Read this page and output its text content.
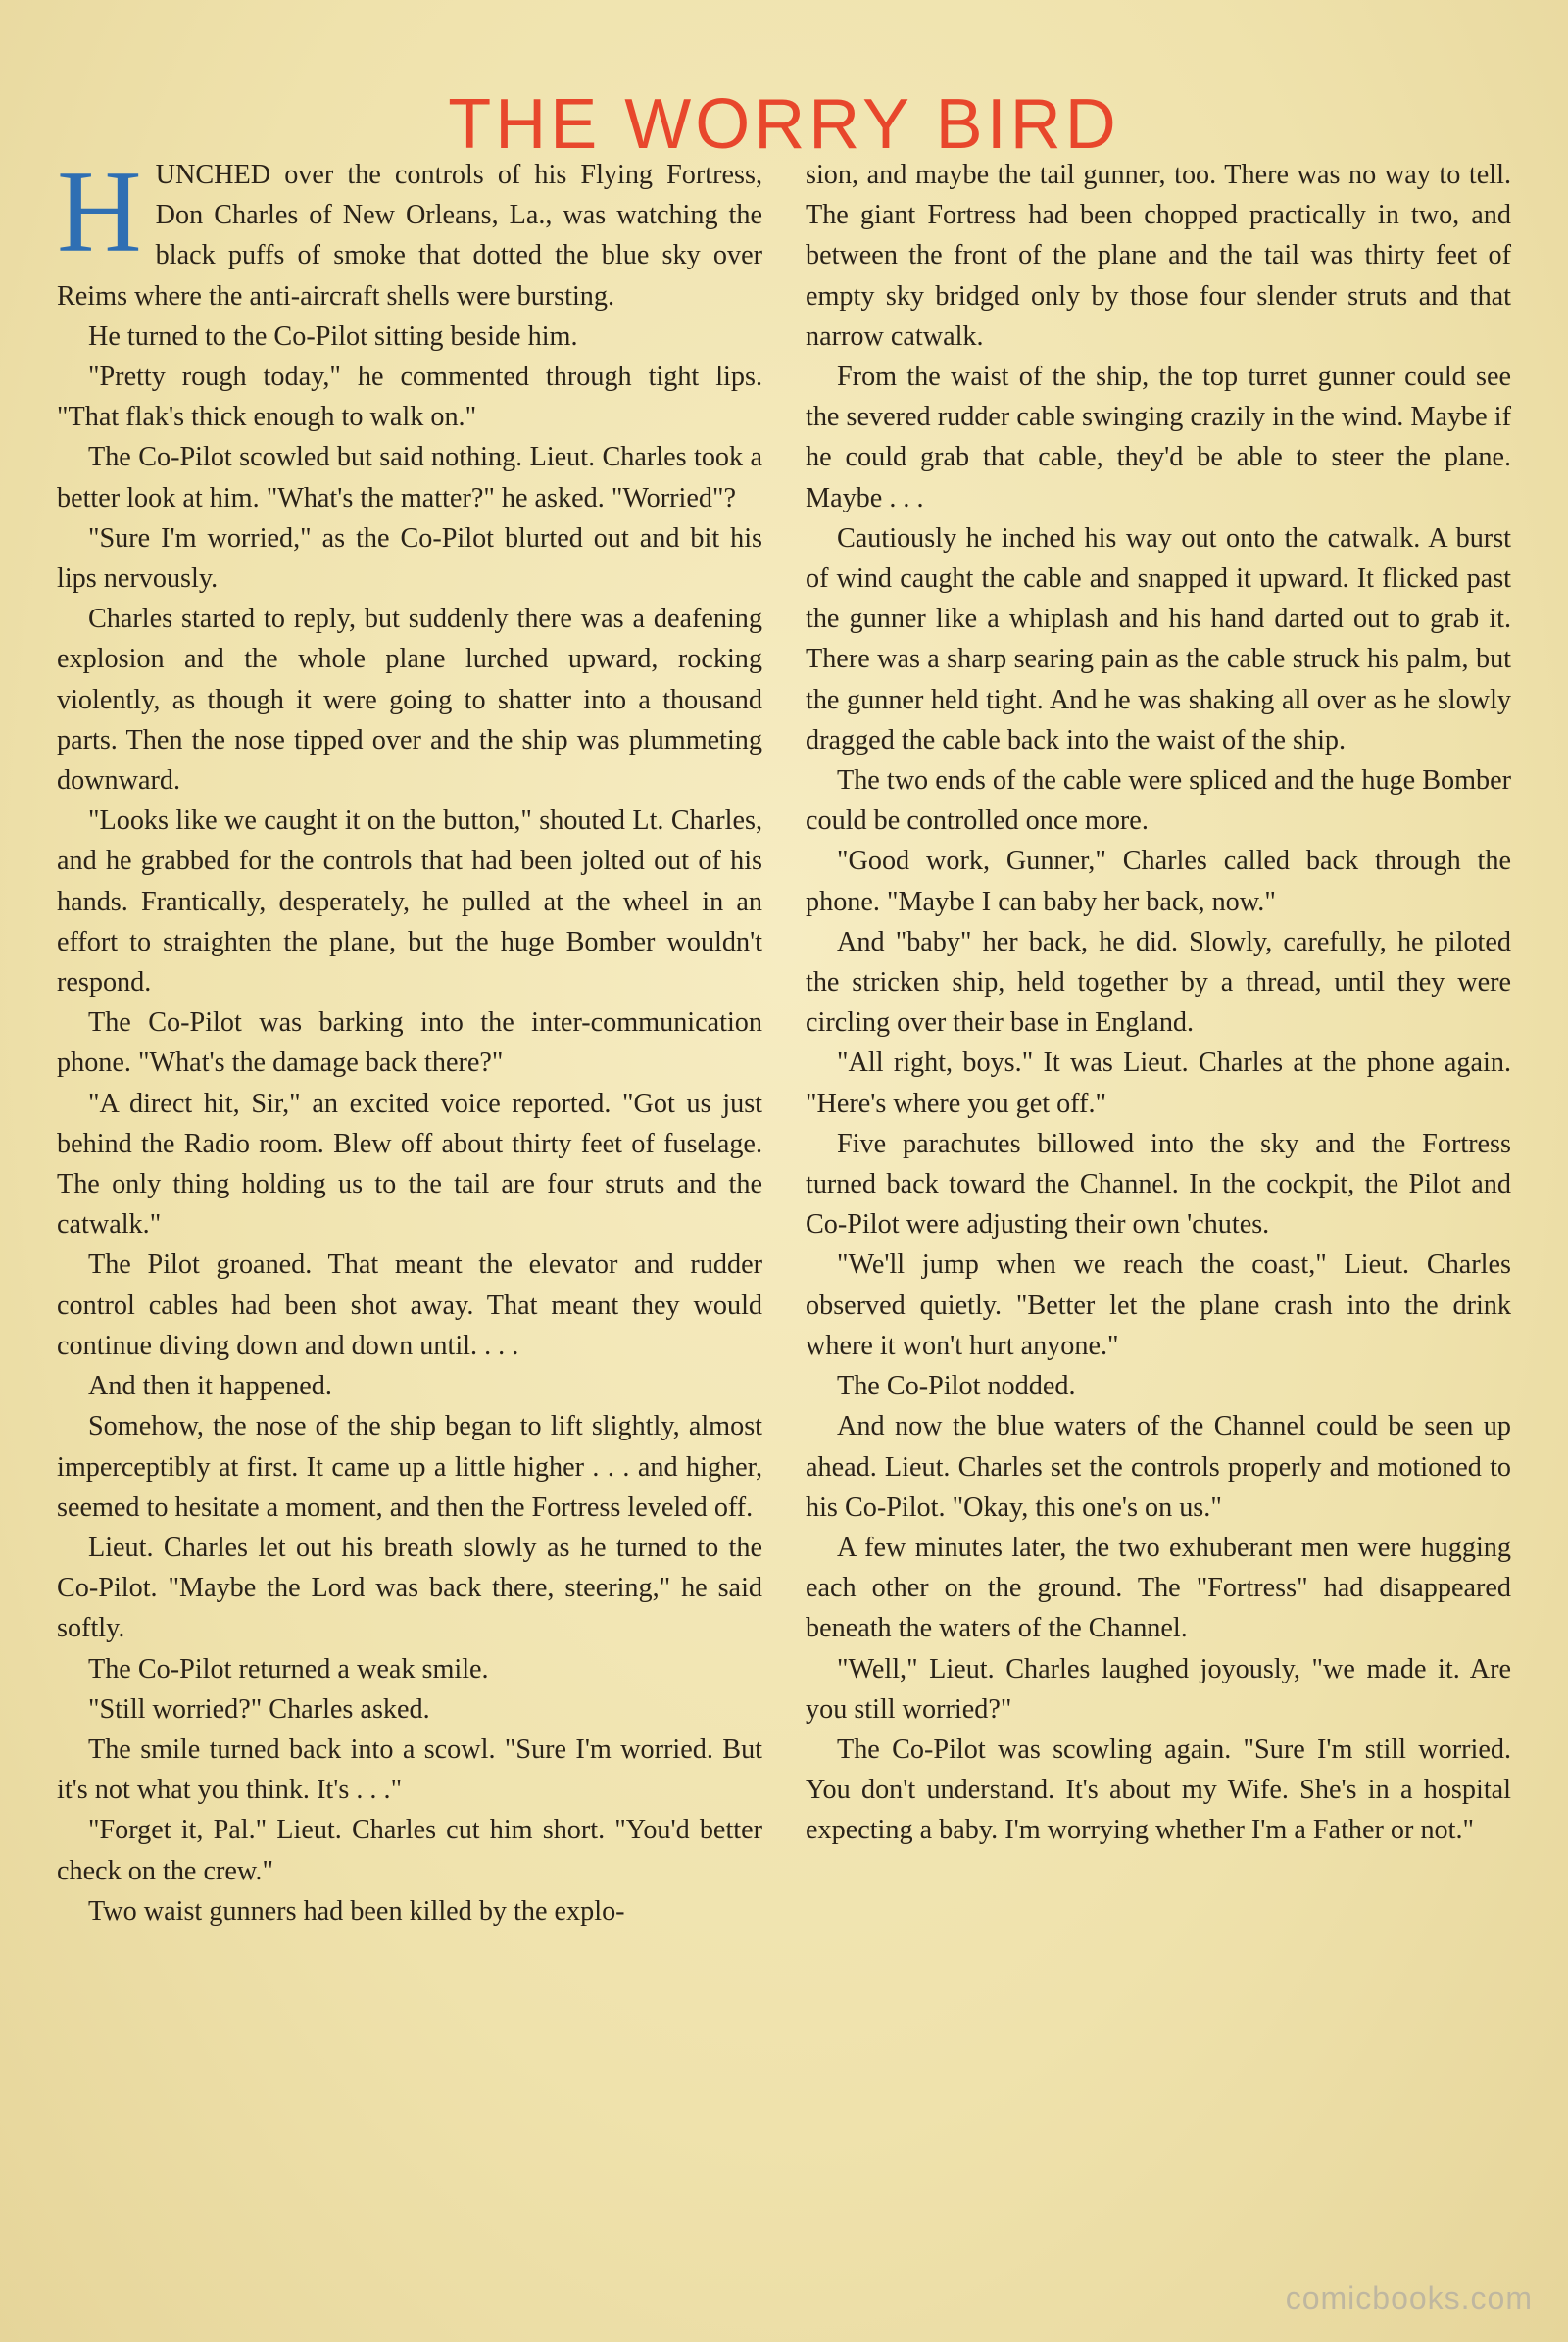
THE WORRY BIRD

HUNCHED over the controls of his Flying Fortress, Don Charles of New Orleans, La., was watching the black puffs of smoke that dotted the blue sky over Reims where the anti-aircraft shells were bursting.

He turned to the Co-Pilot sitting beside him.

"Pretty rough today," he commented through tight lips. "That flak's thick enough to walk on."

The Co-Pilot scowled but said nothing. Lieut. Charles took a better look at him. "What's the matter?" he asked. "Worried"?

"Sure I'm worried," as the Co-Pilot blurted out and bit his lips nervously.

Charles started to reply, but suddenly there was a deafening explosion and the whole plane lurched upward, rocking violently, as though it were going to shatter into a thousand parts. Then the nose tipped over and the ship was plummeting downward.

"Looks like we caught it on the button," shouted Lt. Charles, and he grabbed for the controls that had been jolted out of his hands. Frantically, desperately, he pulled at the wheel in an effort to straighten the plane, but the huge Bomber wouldn't respond.

The Co-Pilot was barking into the inter-communication phone. "What's the damage back there?"

"A direct hit, Sir," an excited voice reported. "Got us just behind the Radio room. Blew off about thirty feet of fuselage. The only thing holding us to the tail are four struts and the catwalk."

The Pilot groaned. That meant the elevator and rudder control cables had been shot away. That meant they would continue diving down and down until. . . .

And then it happened.

Somehow, the nose of the ship began to lift slightly, almost imperceptibly at first. It came up a little higher . . . and higher, seemed to hesitate a moment, and then the Fortress leveled off.

Lieut. Charles let out his breath slowly as he turned to the Co-Pilot. "Maybe the Lord was back there, steering," he said softly.

The Co-Pilot returned a weak smile.

"Still worried?" Charles asked.

The smile turned back into a scowl. "Sure I'm worried. But it's not what you think. It's . . ."

"Forget it, Pal." Lieut. Charles cut him short. "You'd better check on the crew."

Two waist gunners had been killed by the explo-

sion, and maybe the tail gunner, too. There was no way to tell. The giant Fortress had been chopped practically in two, and between the front of the plane and the tail was thirty feet of empty sky bridged only by those four slender struts and that narrow catwalk.

From the waist of the ship, the top turret gunner could see the severed rudder cable swinging crazily in the wind. Maybe if he could grab that cable, they'd be able to steer the plane. Maybe . . .

Cautiously he inched his way out onto the catwalk. A burst of wind caught the cable and snapped it upward. It flicked past the gunner like a whiplash and his hand darted out to grab it. There was a sharp searing pain as the cable struck his palm, but the gunner held tight. And he was shaking all over as he slowly dragged the cable back into the waist of the ship.

The two ends of the cable were spliced and the huge Bomber could be controlled once more.

"Good work, Gunner," Charles called back through the phone. "Maybe I can baby her back, now."

And "baby" her back, he did. Slowly, carefully, he piloted the stricken ship, held together by a thread, until they were circling over their base in England.

"All right, boys." It was Lieut. Charles at the phone again. "Here's where you get off."

Five parachutes billowed into the sky and the Fortress turned back toward the Channel. In the cockpit, the Pilot and Co-Pilot were adjusting their own 'chutes.

"We'll jump when we reach the coast," Lieut. Charles observed quietly. "Better let the plane crash into the drink where it won't hurt anyone."

The Co-Pilot nodded.

And now the blue waters of the Channel could be seen up ahead. Lieut. Charles set the controls properly and motioned to his Co-Pilot. "Okay, this one's on us."

A few minutes later, the two exhuberant men were hugging each other on the ground. The "Fortress" had disappeared beneath the waters of the Channel.

"Well," Lieut. Charles laughed joyously, "we made it. Are you still worried?"

The Co-Pilot was scowling again. "Sure I'm still worried. You don't understand. It's about my Wife. She's in a hospital expecting a baby. I'm worrying whether I'm a Father or not."

comicbooks.com
